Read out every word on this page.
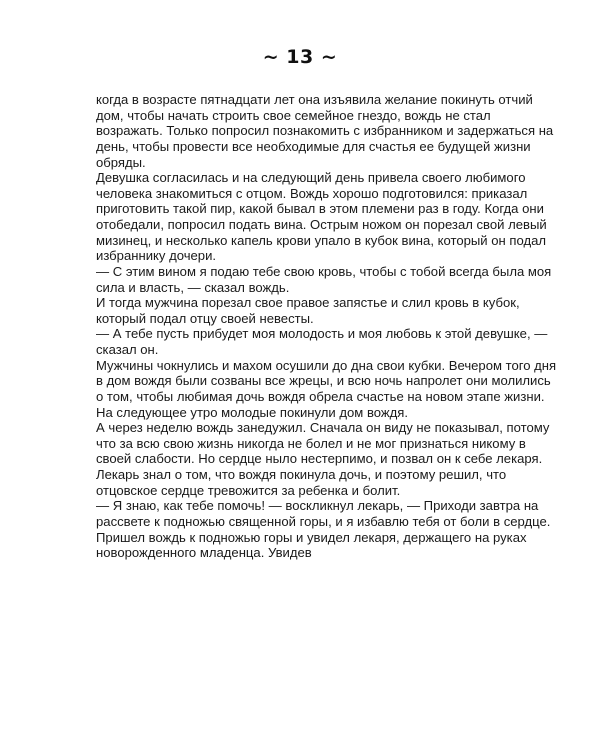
~ 13 ~
когда в возрасте пятнадцати лет она изъявила желание покинуть отчий
дом, чтобы начать строить свое семейное гнездо, вождь не стал
возражать. Только попросил познакомить с избранником и задержаться на
день, чтобы провести все необходимые для счастья ее будущей жизни
обряды.
Девушка согласилась и на следующий день привела своего любимого
человека знакомиться с отцом. Вождь хорошо подготовился: приказал
приготовить такой пир, какой бывал в этом племени раз в году. Когда они
отобедали, попросил подать вина. Острым ножом он порезал свой левый
мизинец, и несколько капель крови упало в кубок вина, который он подал
избраннику дочери.
— С этим вином я подаю тебе свою кровь, чтобы с тобой всегда была моя
сила и власть, — сказал вождь.
И тогда мужчина порезал свое правое запястье и слил кровь в кубок,
который подал отцу своей невесты.
— А тебе пусть прибудет моя молодость и моя любовь к этой девушке, —
сказал он.
Мужчины чокнулись и махом осушили до дна свои кубки. Вечером того дня
в дом вождя были созваны все жрецы, и всю ночь напролет они молились
о том, чтобы любимая дочь вождя обрела счастье на новом этапе жизни.
На следующее утро молодые покинули дом вождя.
А через неделю вождь занедужил. Сначала он виду не показывал, потому
что за всю свою жизнь никогда не болел и не мог признаться никому в
своей слабости. Но сердце ныло нестерпимо, и позвал он к себе лекаря.
Лекарь знал о том, что вождя покинула дочь, и поэтому решил, что
отцовское сердце тревожится за ребенка и болит.
— Я знаю, как тебе помочь! — воскликнул лекарь, — Приходи завтра на
рассвете к подножью священной горы, и я избавлю тебя от боли в сердце.
Пришел вождь к подножью горы и увидел лекаря, держащего на руках
новорожденного младенца. Увидев
